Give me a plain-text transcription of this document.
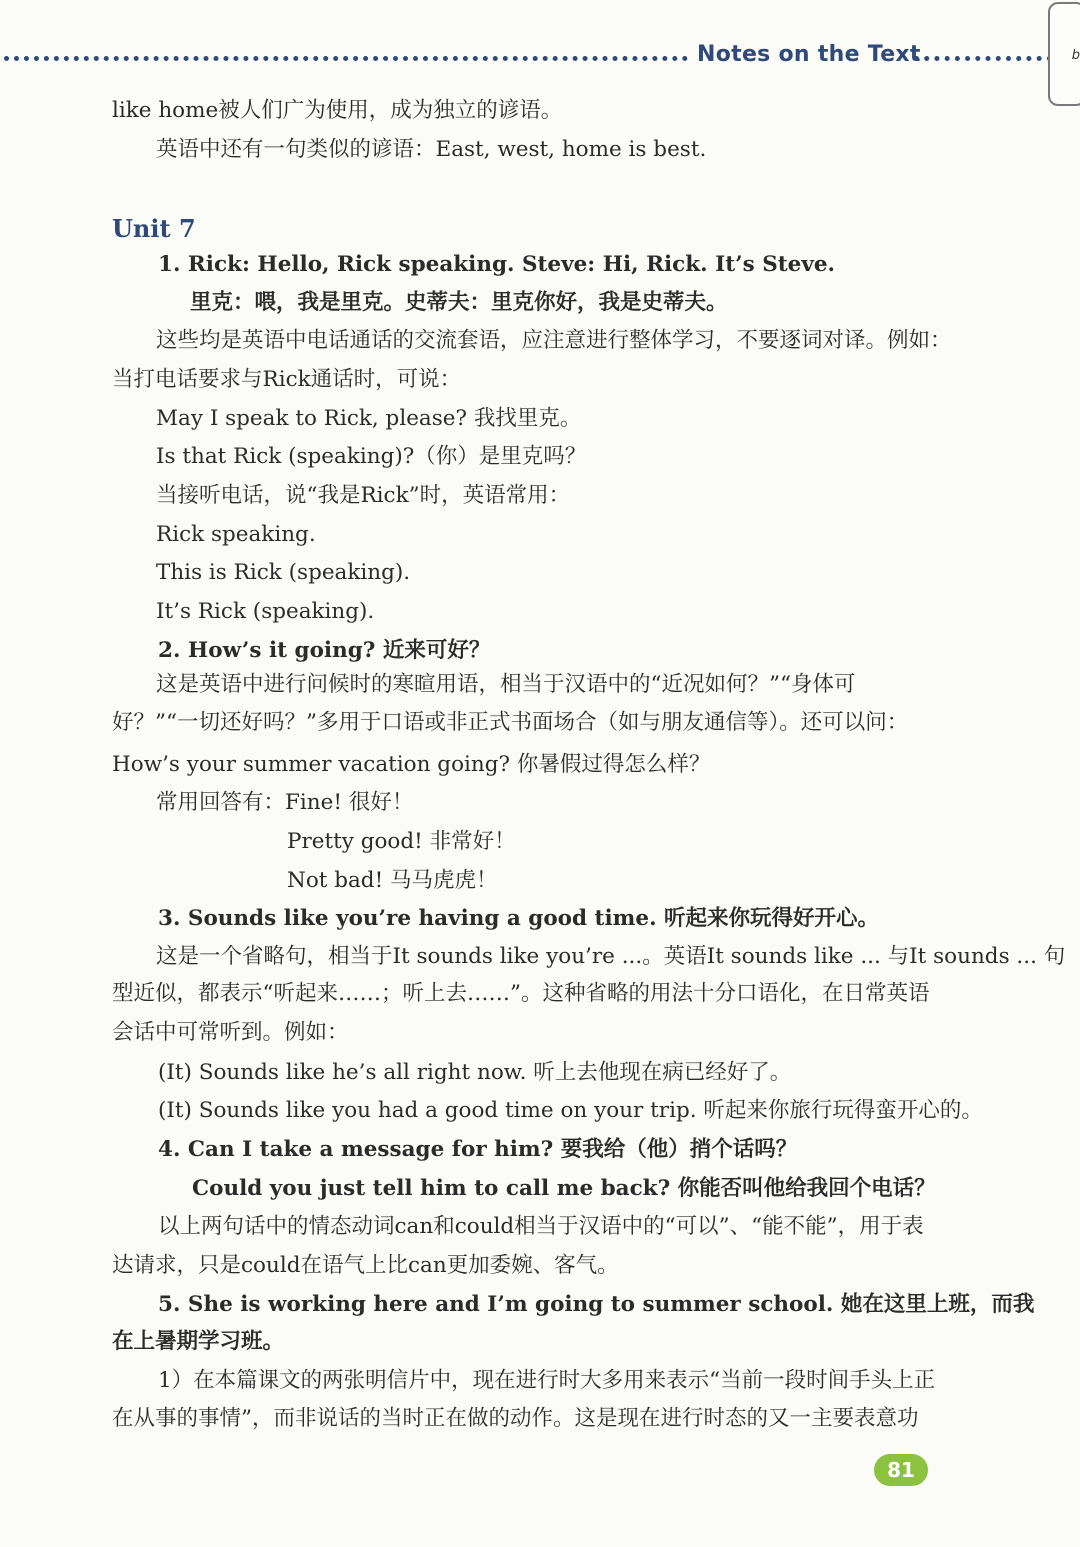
Notes on the Text	b
like home被人们广为使用，成为独立的谚语。
英语中还有一句类似的谚语：East, west, home is best.
Unit 7
1. Rick: Hello, Rick speaking. Steve: Hi, Rick. It’s Steve.
里克：喂，我是里克。史蒂夫：里克你好，我是史蒂夫。
这些均是英语中电话通话的交流套语，应注意进行整体学习，不要逐词对译。例如：
当打电话要求与Rick通话时，可说：
May I speak to Rick, please? 我找里克。
Is that Rick (speaking)?（你）是里克吗？
当接听电话，说“我是Rick”时，英语常用：
Rick speaking.
This is Rick (speaking).
It’s Rick (speaking).
2. How’s it going? 近来可好？
这是英语中进行问候时的寒暄用语，相当于汉语中的“近况如何？”“身体可
好？”“一切还好吗？”多用于口语或非正式书面场合（如与朋友通信等）。还可以问：
How’s your summer vacation going? 你暑假过得怎么样？
常用回答有：Fine! 很好！
Pretty good! 非常好！
Not bad! 马马虎虎！
3. Sounds like you’re having a good time. 听起来你玩得好开心。
这是一个省略句，相当于It sounds like you’re ...。英语It sounds like ... 与It sounds ... 句
型近似，都表示“听起来……；听上去……”。这种省略的用法十分口语化，在日常英语
会话中可常听到。例如：
(It) Sounds like he’s all right now. 听上去他现在病已经好了。
(It) Sounds like you had a good time on your trip. 听起来你旅行玩得蛮开心的。
4. Can I take a message for him? 要我给（他）捎个话吗？
Could you just tell him to call me back? 你能否叫他给我回个电话？
以上两句话中的情态动词can和could相当于汉语中的“可以”、“能不能”，用于表
达请求，只是could在语气上比can更加委婉、客气。
5. She is working here and I’m going to summer school. 她在这里上班，而我
在上暑期学习班。
1）在本篇课文的两张明信片中，现在进行时大多用来表示“当前一段时间手头上正
在从事的事情”，而非说话的当时正在做的动作。这是现在进行时态的又一主要表意功
81
